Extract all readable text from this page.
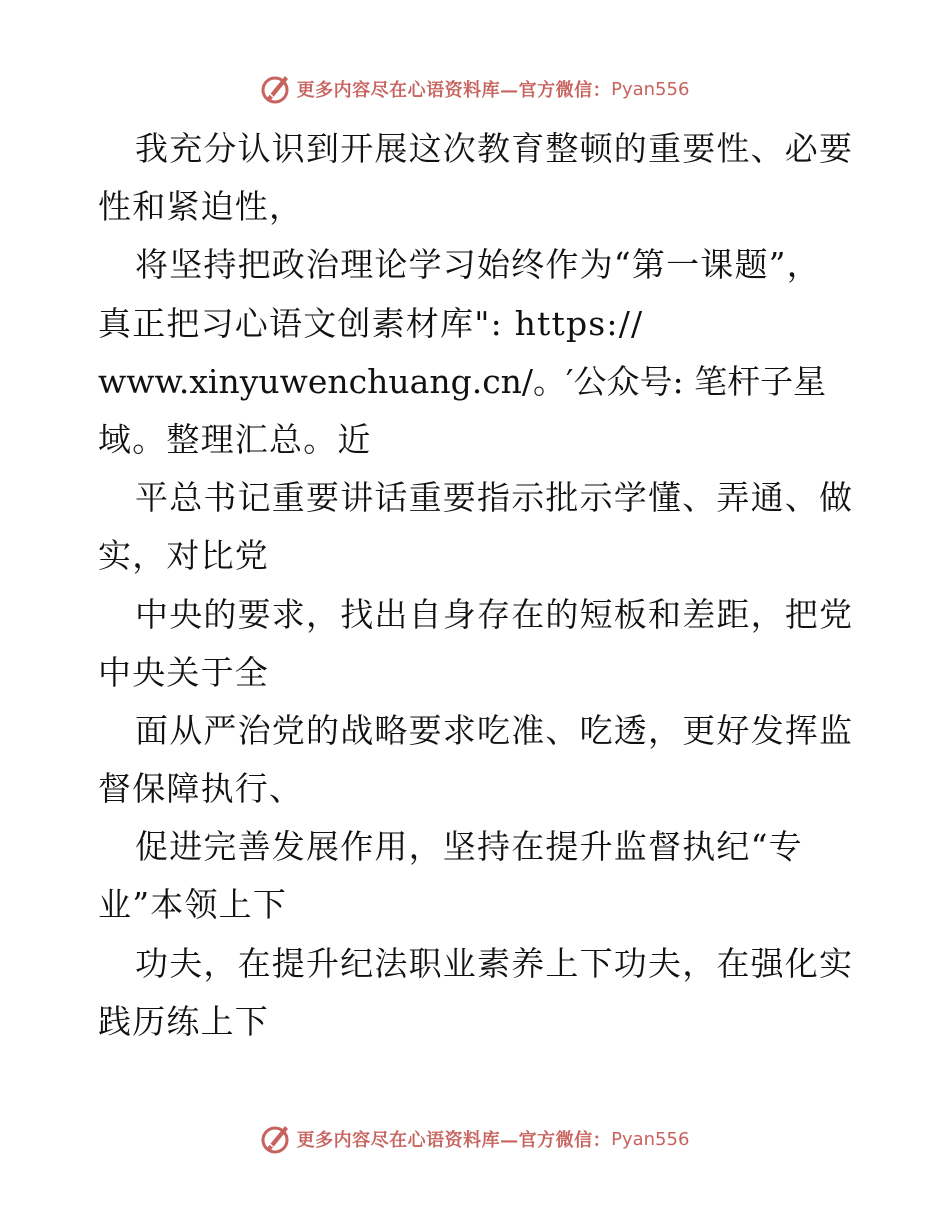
更多内容尽在心语资料库—官方微信： Pyan556
我充分认识到开展这次教育整顿的重要性、必要
性和紧迫性，
将坚持把政治理论学习始终作为“第一课题”，
真正把习心语文创素材库": https://
www.xinyuwenchuang.cn/。′公众号: 笔杆子星
域。整理汇总。近
平总书记重要讲话重要指示批示学懂、弄通、做
实，对比党
中央的要求，找出自身存在的短板和差距，把党
中央关于全
面从严治党的战略要求吃准、吃透，更好发挥监
督保障执行、
促进完善发展作用，坚持在提升监督执纪“专
业”本领上下
功夫，在提升纪法职业素养上下功夫，在强化实
践历练上下
更多内容尽在心语资料库—官方微信： Pyan556
